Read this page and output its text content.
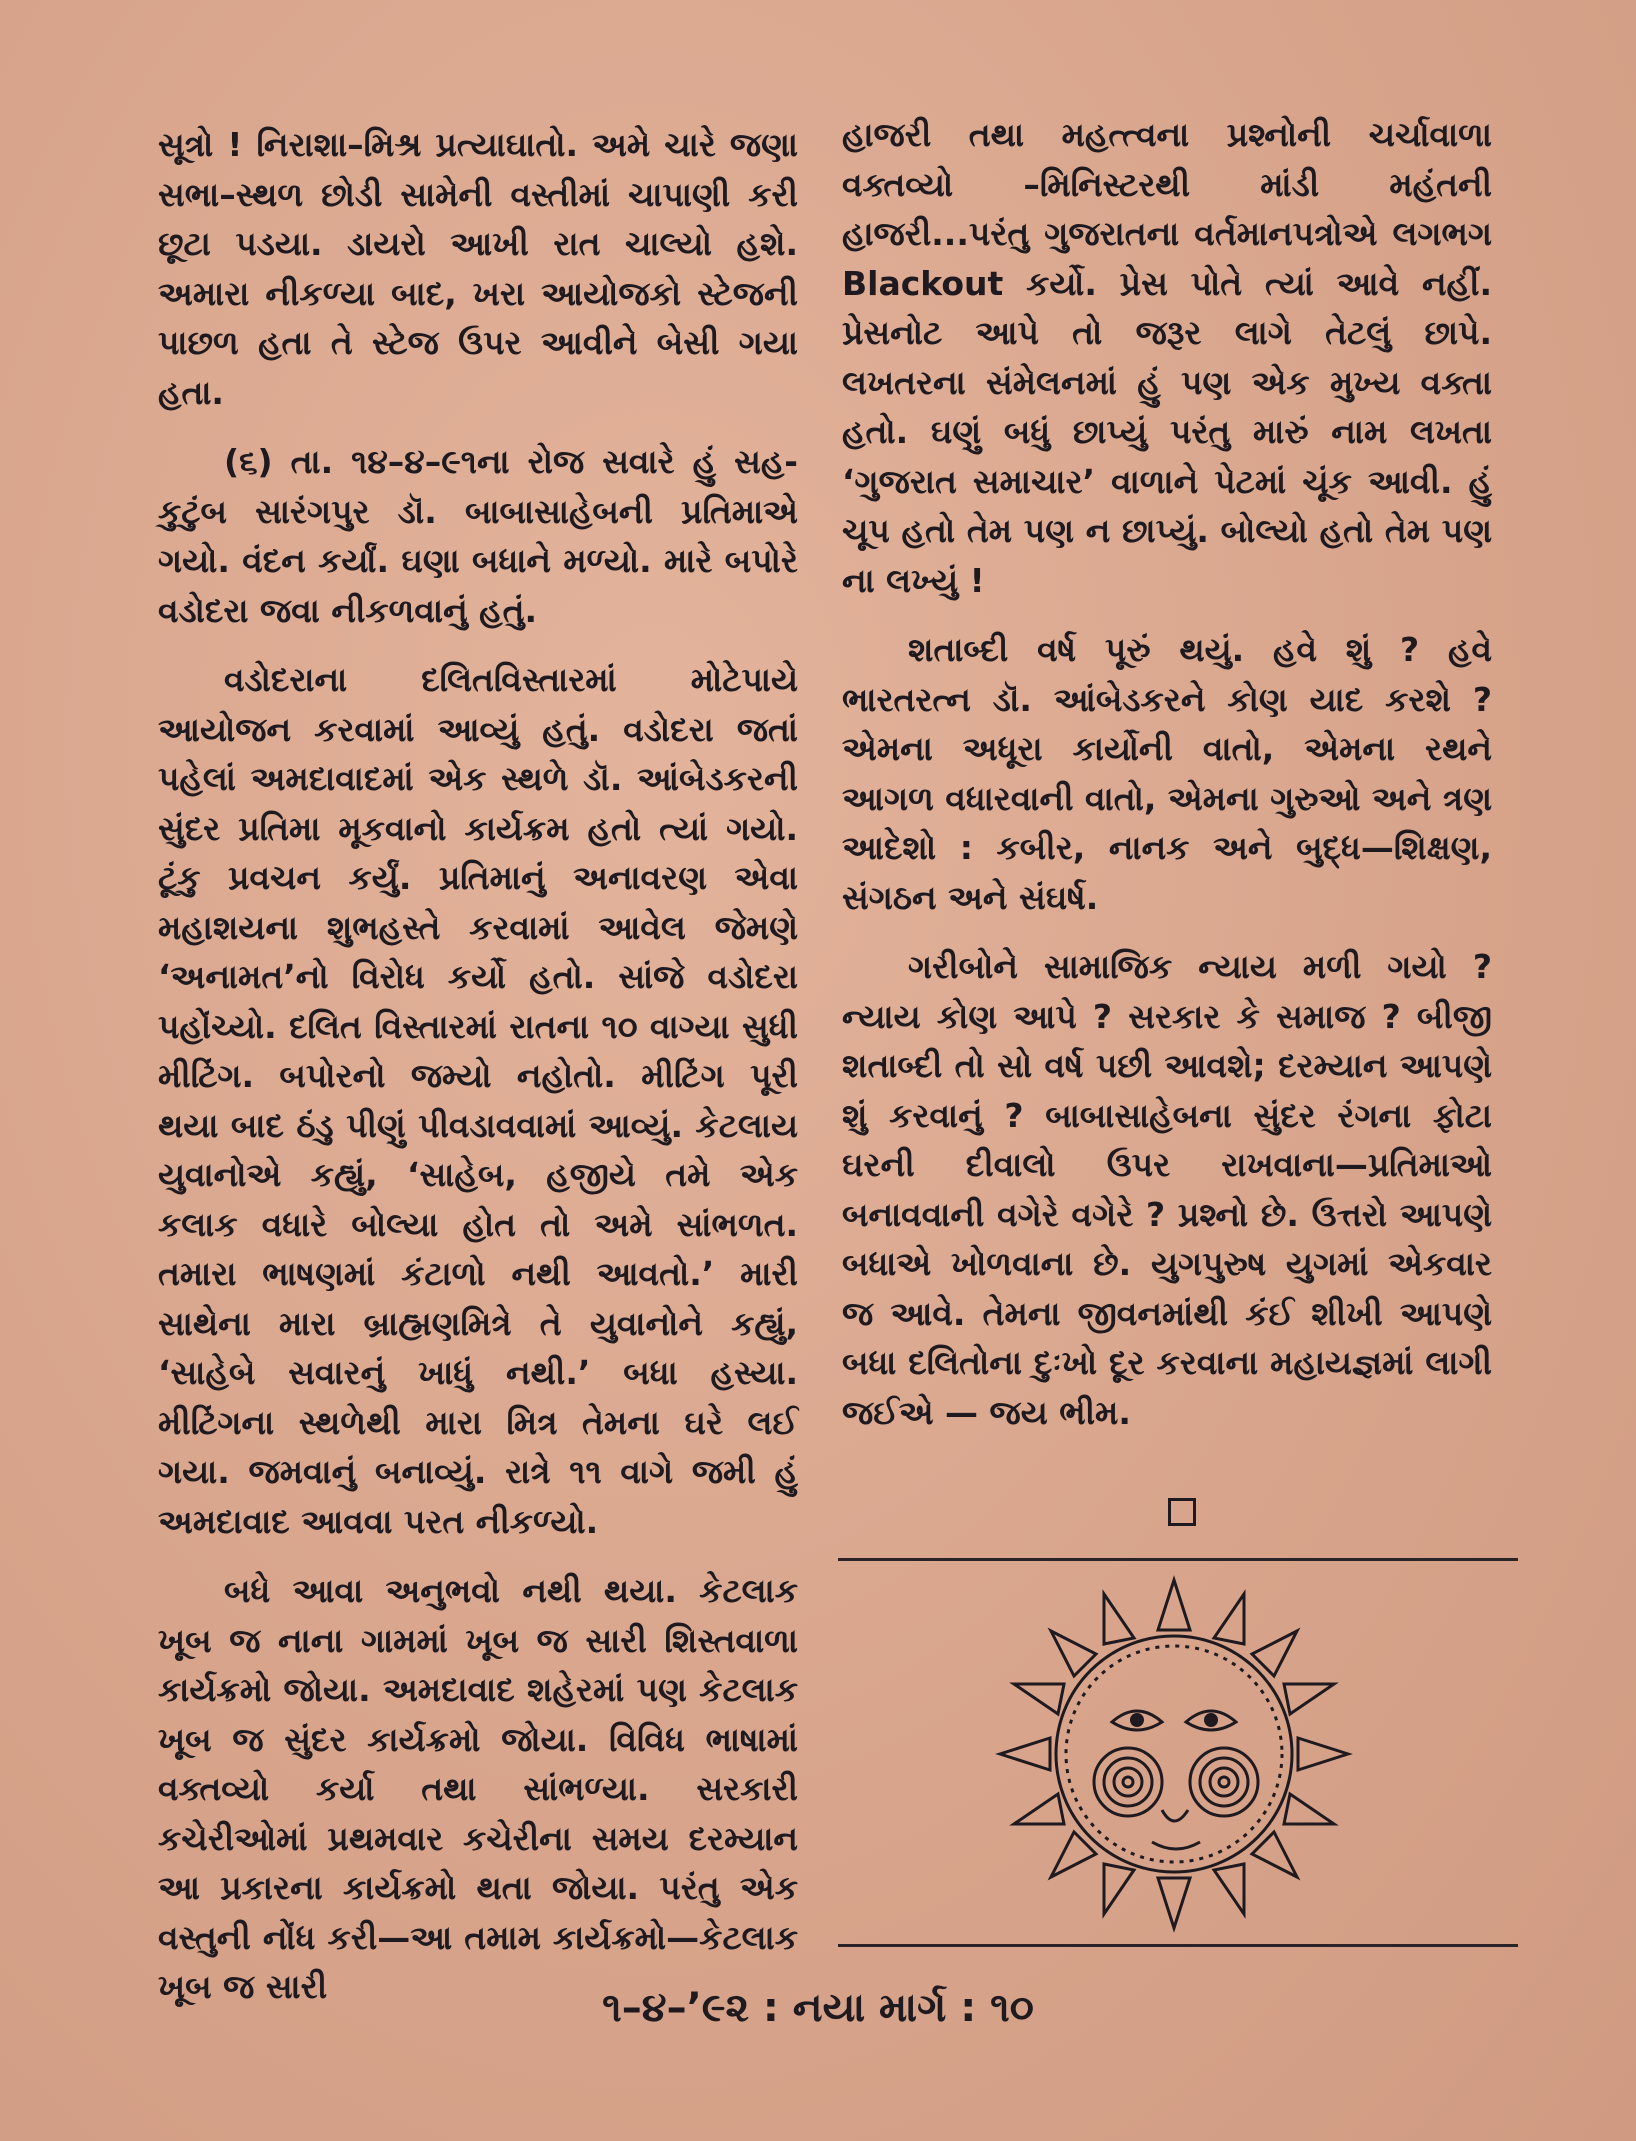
સૂત્રો ! નિરાશા–મિશ્ર પ્રત્યાઘાતો. અમે ચારે જણા સભા–સ્થળ છોડી સામેની વસ્તીમાં ચાપાણી કરી છૂટા પડયા. ડાયરો આખી રાત ચાલ્યો હશે. અમારા નીકળ્યા બાદ, ખરા આયોજકો સ્ટેજની પાછળ હતા તે સ્ટેજ ઉપર આવીને બેસી ગયા હતા.

(૬) તા. ૧૪–૪–૯૧ના રોજ સવારે હું સહ-કુટુંબ સારંગપુર ડૉ. બાબાસાહેબની પ્રતિમાએ ગયો. વંદન કર્યાં. ઘણા બધાને મળ્યો. મારે બપોરે વડોદરા જવા નીકળવાનું હતું.

વડોદરાના દલિતવિસ્તારમાં મોટેપાયે આયોજન કરવામાં આવ્યું હતું. વડોદરા જતાં પહેલાં અમદાવાદમાં એક સ્થળે ડૉ. આંબેડકરની સુંદર પ્રતિમા મૂકવાનો કાર્યક્રમ હતો ત્યાં ગયો. ટૂંકુ પ્રવચન કર્યું. પ્રતિમાનું અનાવરણ એવા મહાશયના શુભહસ્તે કરવામાં આવેલ જેમણે ‘અનામત’નો વિરોધ કર્યો હતો. સાંજે વડોદરા પહોંચ્યો. દલિત વિસ્તારમાં રાતના ૧૦ વાગ્યા સુધી મીટિંગ. બપોરનો જમ્યો નહોતો. મીટિંગ પૂરી થયા બાદ ઠંડુ પીણું પીવડાવવામાં આવ્યું. કેટલાય યુવાનોએ કહ્યું, ‘સાહેબ, હજીયે તમે એક કલાક વધારે બોલ્યા હોત તો અમે સાંભળત. તમારા ભાષણમાં કંટાળો નથી આવતો.’ મારી સાથેના મારા બ્રાહ્મણમિત્રે તે યુવાનોને કહ્યું, ‘સાહેબે સવારનું ખાધું નથી.’ બધા હસ્યા. મીટિંગના સ્થળેથી મારા મિત્ર તેમના ઘરે લઈ ગયા. જમવાનું બનાવ્યું. રાત્રે ૧૧ વાગે જમી હું અમદાવાદ આવવા પરત નીકળ્યો.

બધે આવા અનુભવો નથી થયા. કેટલાક ખૂબ જ નાના ગામમાં ખૂબ જ સારી શિસ્તવાળા કાર્યક્રમો જોયા. અમદાવાદ શહેરમાં પણ કેટલાક ખૂબ જ સુંદર કાર્યક્રમો જોયા. વિવિધ ભાષામાં વક્તવ્યો કર્યા તથા સાંભળ્યા. સરકારી કચેરીઓમાં પ્રથમવાર કચેરીના સમય દરમ્યાન આ પ્રકારના કાર્યક્રમો થતા જોયા. પરંતુ એક વસ્તુની નોંધ કરી—આ તમામ કાર્યક્રમો—કેટલાક ખૂબ જ સારી

હાજરી તથા મહત્ત્વના પ્રશ્નોની ચર્ચાવાળા વક્તવ્યો –મિનિસ્ટરથી માંડી મહંતની હાજરી...પરંતુ ગુજરાતના વર્તમાનપત્રોએ લગભગ Blackout કર્યો. પ્રેસ પોતે ત્યાં આવે નહીં. પ્રેસનોટ આપે તો જરૂર લાગે તેટલું છાપે. લખતરના સંમેલનમાં હું પણ એક મુખ્ય વક્તા હતો. ઘણું બધું છાપ્યું પરંતુ મારું નામ લખતા ‘ગુજરાત સમાચાર’ વાળાને પેટમાં ચૂંક આવી. હું ચૂપ હતો તેમ પણ ન છાપ્યું. બોલ્યો હતો તેમ પણ ના લખ્યું !

શતાબ્દી વર્ષ પૂરું થયું. હવે શું ? હવે ભારતરત્ન ડૉ. આંબેડકરને કોણ યાદ કરશે ? એમના અધૂરા કાર્યોની વાતો, એમના રથને આગળ વધારવાની વાતો, એમના ગુરુઓ અને ત્રણ આદેશો : કબીર, નાનક અને બુદ્ધ—શિક્ષણ, સંગઠન અને સંઘર્ષ.

ગરીબોને સામાજિક ન્યાય મળી ગયો ? ન્યાય કોણ આપે ? સરકાર કે સમાજ ? બીજી શતાબ્દી તો સો વર્ષ પછી આવશે; દરમ્યાન આપણે શું કરવાનું ? બાબાસાહેબના સુંદર રંગના ફોટા ઘરની દીવાલો ઉપર રાખવાના—પ્રતિમાઓ બનાવવાની વગેરે વગેરે ? પ્રશ્નો છે. ઉત્તરો આપણે બધાએ ખોળવાના છે. યુગપુરુષ યુગમાં એકવાર જ આવે. તેમના જીવનમાંથી કંઈ શીખી આપણે બધા દલિતોના દુઃખો દૂર કરવાના મહાયજ્ઞમાં લાગી જઈએ — જય ભીમ.

૧–૪–’૯૨ : નયા માર્ગ : ૧૦
